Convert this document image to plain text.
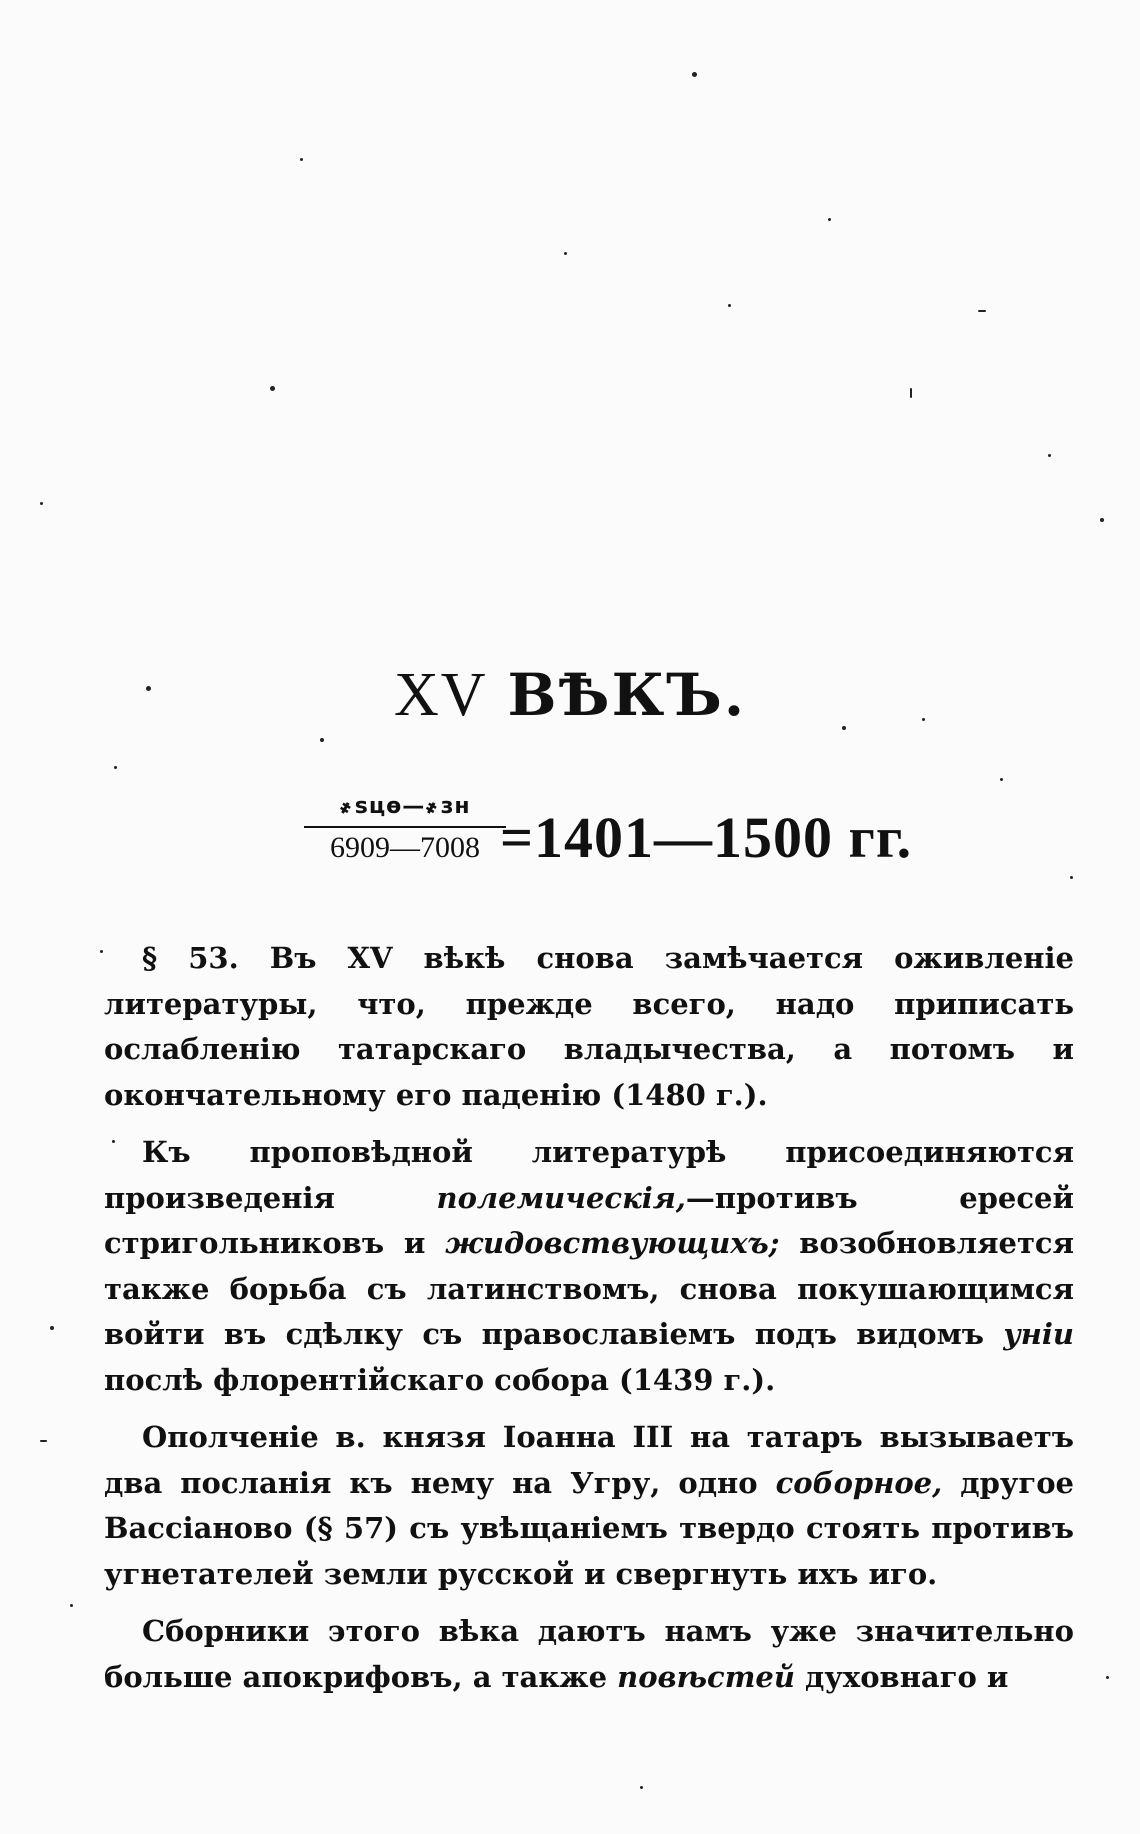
XV ВѢКЪ.
҂ѕцѳ—҂зн
6909—7008 =1401—1500 гг.

§ 53. Въ XV вѣкѣ снова замѣчается оживленіе литературы, что, прежде всего, надо приписать ослабленію татарскаго владычества, а потомъ и окончательному его паденію (1480 г.).

Къ проповѣдной литературѣ присоединяются произведенія полемическія,—противъ ересей стригольниковъ и жидовствующихъ; возобновляется также борьба съ латинствомъ, снова покушающимся войти въ сдѣлку съ православіемъ подъ видомъ уніи послѣ флорентійскаго собора (1439 г.).

Ополченіе в. князя Іоанна III на татаръ вызываетъ два посланія къ нему на Угру, одно соборное, другое Вассіаново (§ 57) съ увѣщаніемъ твердо стоять противъ угнетателей земли русской и свергнуть ихъ иго.

Сборники этого вѣка даютъ намъ уже значительно больше апокрифовъ, а также повѣстей духовнаго и
